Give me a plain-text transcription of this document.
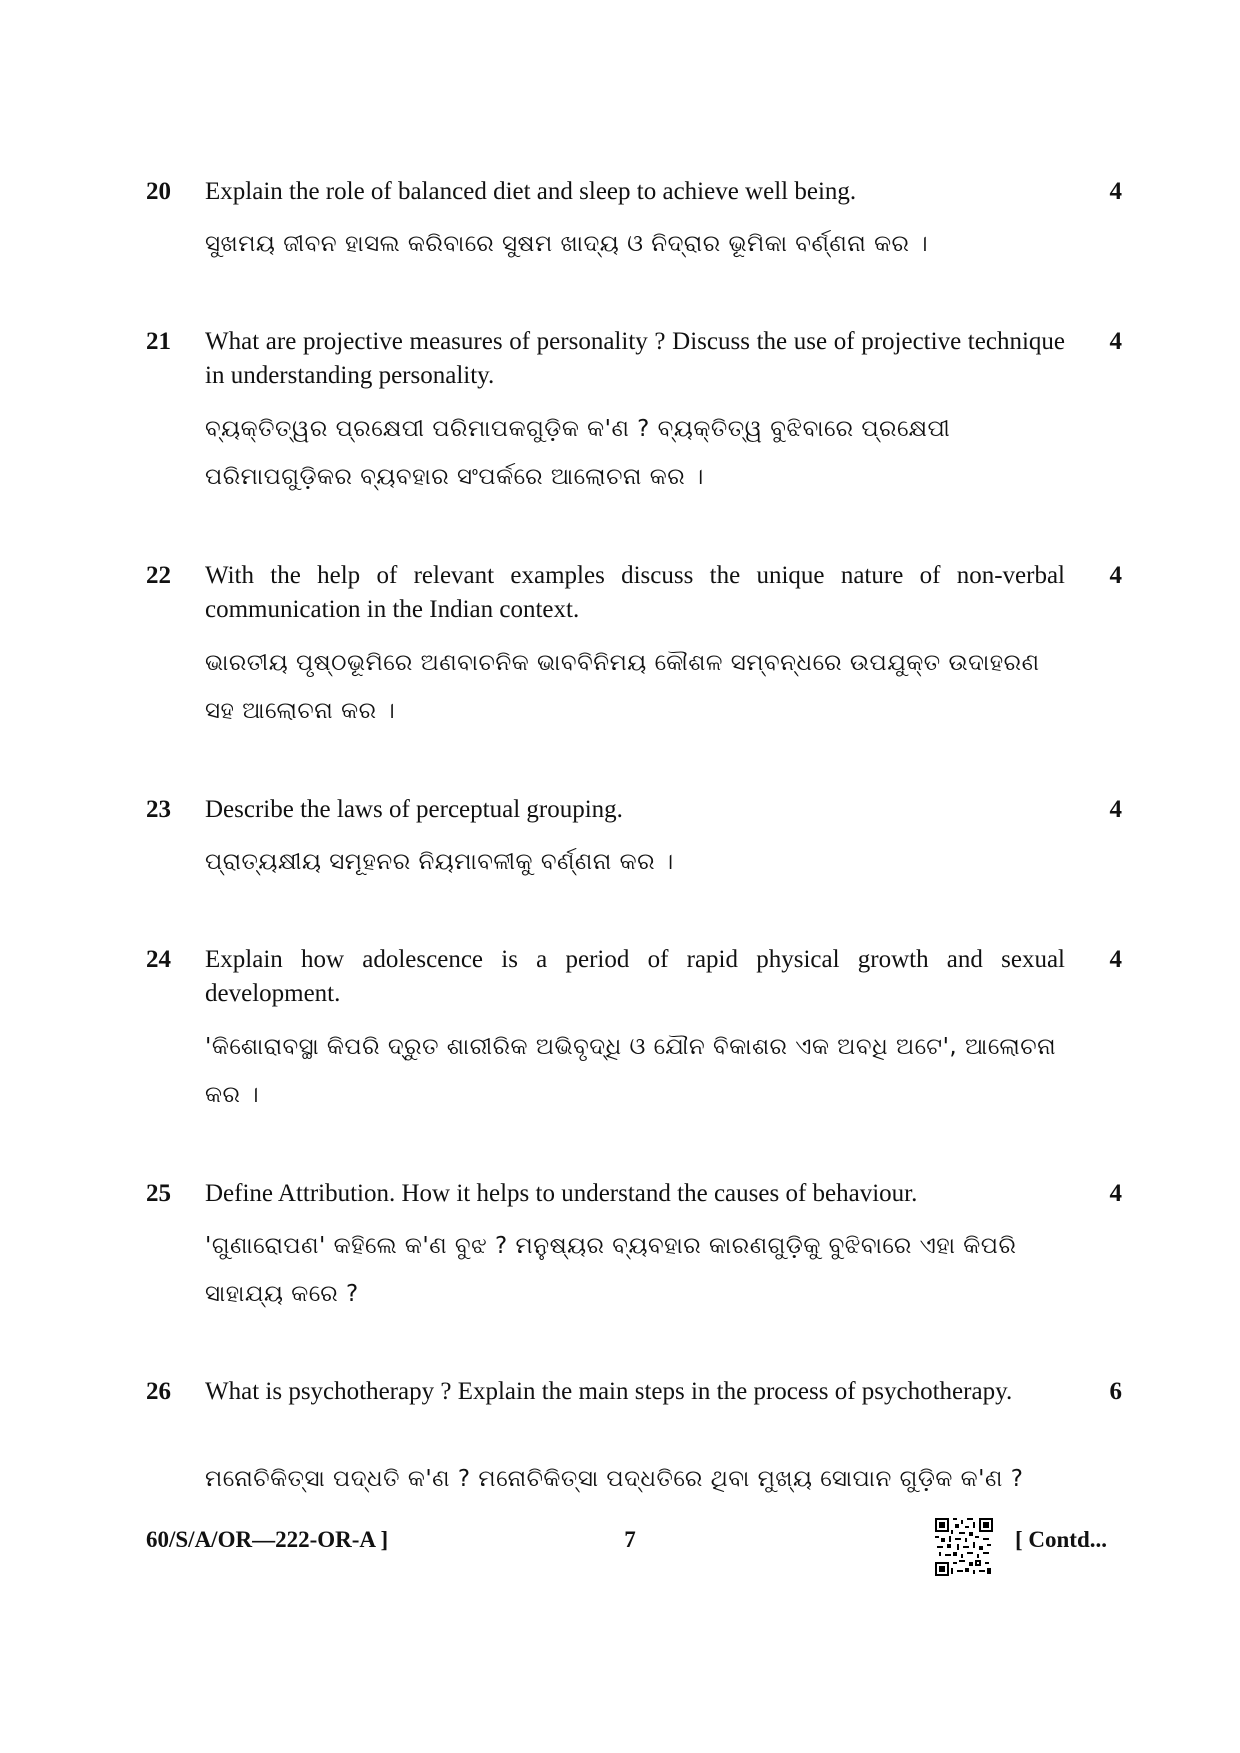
20 Explain the role of balanced diet and sleep to achieve well being.	4
ସୁଖମୟ ଜୀବନ ହାସଲ କରିବାରେ ସୁଷମ ଖାଦ୍ୟ ଓ ନିଦ୍ରାର ଭୂମିକା ବର୍ଣ୍ଣନା କର ।
21 What are projective measures of personality ? Discuss the use of projective technique in understanding personality.
4
ବ୍ୟକ୍ତିତ୍ୱର ପ୍ରକ୍ଷେପୀ ପରିମାପକଗୁଡ଼ିକ କ'ଣ ? ବ୍ୟକ୍ତିତ୍ୱ ବୁଝିବାରେ ପ୍ରକ୍ଷେପୀ ପରିମାପଗୁଡ଼ିକର ବ୍ୟବହାର ସଂପର୍କରେ ଆଲୋଚନା କର ।
22 With the help of relevant examples discuss the unique nature of non-verbal communication in the Indian context.
4
ଭାରତୀୟ ପୃଷ୍ଠଭୂମିରେ ଅଣବାଚନିକ ଭାବବିନିମୟ କୌଶଳ ସମ୍ବନ୍ଧରେ ଉପଯୁକ୍ତ ଉଦାହରଣ ସହ ଆଲୋଚନା କର ।
23 Describe the laws of perceptual grouping.	4
ପ୍ରାତ୍ୟକ୍ଷୀୟ ସମୂହନର ନିୟମାବଳୀକୁ ବର୍ଣ୍ଣନା କର ।
24 Explain how adolescence is a period of rapid physical growth and sexual development.
4
'କିଶୋରାବସ୍ଥା କିପରି ଦ୍ରୁତ ଶାରୀରିକ ଅଭିବୃଦ୍ଧି ଓ ଯୌନ ବିକାଶର ଏକ ଅବଧି ଅଟେ', ଆଲୋଚନା କର ।
25 Define Attribution. How it helps to understand the causes of behaviour.	4
'ଗୁଣାରୋପଣ' କହିଲେ କ'ଣ ବୁଝ ? ମନୁଷ୍ୟର ବ୍ୟବହାର କାରଣଗୁଡ଼ିକୁ ବୁଝିବାରେ ଏହା କିପରି ସାହାଯ୍ୟ କରେ ?
26 What is psychotherapy ? Explain the main steps in the process of psychotherapy.	6
ମନୋଚିକିତ୍ସା ପଦ୍ଧତି କ'ଣ ? ମନୋଚିକିତ୍ସା ପଦ୍ଧତିରେ ଥିବା ମୁଖ୍ୟ ସୋପାନ ଗୁଡ଼ିକ କ'ଣ ?
60/S/A/OR—222-OR-A ]	7	[ Contd...
